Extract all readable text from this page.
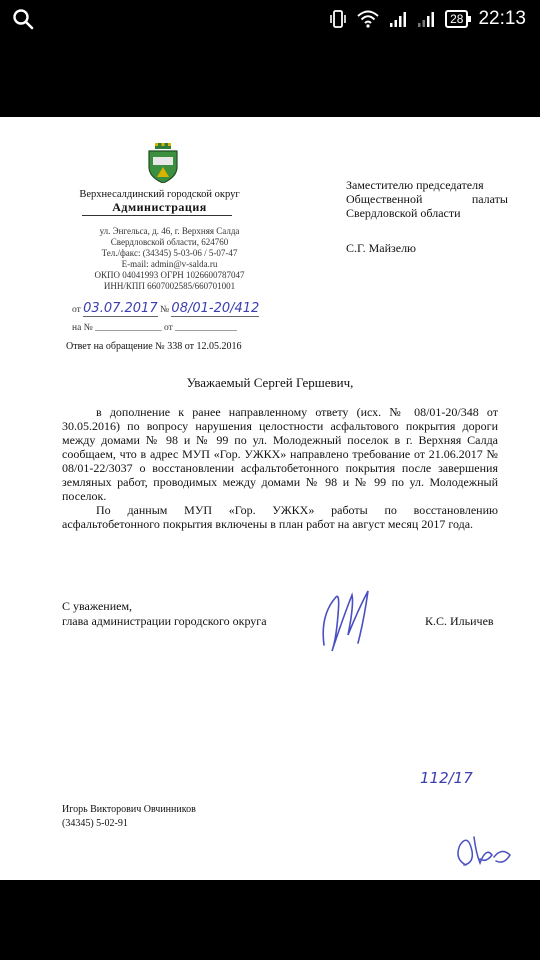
28 22:13
Верхнесалдинский городской округ
Администрация
ул. Энгельса, д. 46, г. Верхняя Салда
Свердловской области, 624760
Тел./факс: (34345) 5-03-06 / 5-07-47
E-mail: admin@v-salda.ru
ОКПО 04041993 ОГРН 1026600787047
ИНН/КПП 6607002585/660701001
от 03.07.2017 № 08/01-20/412
на № ______________ от _____________
Ответ на обращение № 338 от 12.05.2016
Заместителю председателя
Общественной	палаты
Свердловской области
С.Г. Майзелю
Уважаемый Сергей Гершевич,

в дополнение к ранее направленному ответу (исх. № 08/01-20/348 от 30.05.2016) по вопросу нарушения целостности асфальтового покрытия дороги между домами № 98 и № 99 по ул. Молодежный поселок в г. Верхняя Салда сообщаем, что в адрес МУП «Гор. УЖКХ» направлено требование от 21.06.2017 № 08/01-22/3037 о восстановлении асфальтобетонного покрытия после завершения земляных работ, проводимых между домами № 98 и № 99 по ул. Молодежный поселок.

По данным МУП «Гор. УЖКХ» работы по восстановлению асфальтобетонного покрытия включены в план работ на август месяц 2017 года.

С уважением,
глава администрации городского округа	К.С. Ильичев
112/17
Игорь Викторович Овчинников
(34345) 5-02-91
